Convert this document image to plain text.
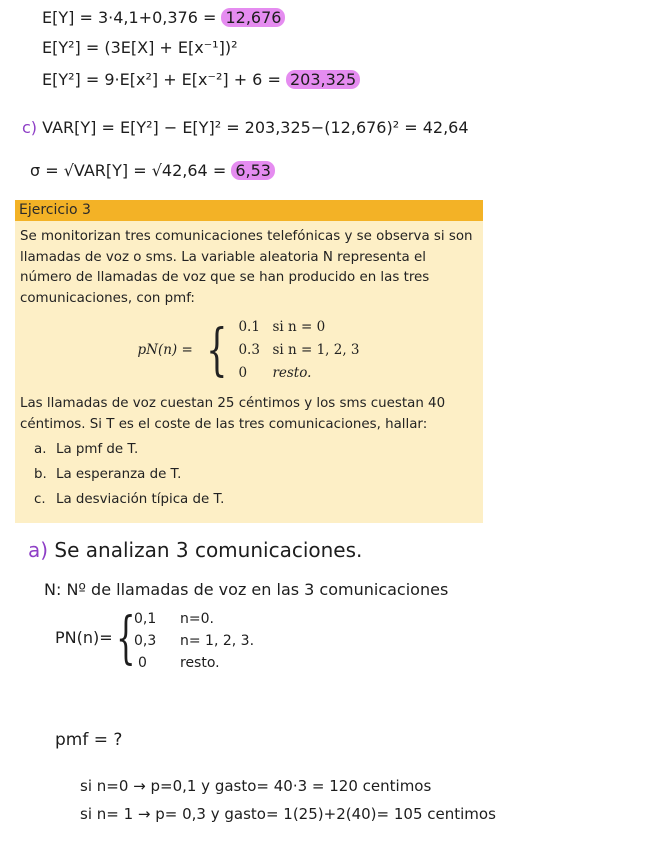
E[Y] = 3·4,1+0,376 = 12,676
E[Y²] = (3E[X] + E[x⁻¹])²
E[Y²] = 9·E[x²] + E[x⁻²] + 6 = 203,325
c) VAR[Y] = E[Y²] − E[Y]² = 203,325−(12,676)² = 42,64
σ = √VAR[Y] = √42,64 = 6,53
Ejercicio 3

Se monitorizan tres comunicaciones telefónicas y se observa si son

llamadas de voz o sms. La variable aleatoria N representa el

número de llamadas de voz que se han producido en las tres

comunicaciones, con pmf:

pN(n) = { 0.1 si n = 0
0.3 si n = 1, 2, 3
0	resto.

Las llamadas de voz cuestan 25 céntimos y los sms cuestan 40

céntimos. Si T es el coste de las tres comunicaciones, hallar:

a. La pmf de T.
b. La esperanza de T.
c. La desviación típica de T.
a) Se analizan 3 comunicaciones.
N: Nº de llamadas de voz en las 3 comunicaciones
PN(n)= {
0,1 n=0.
0,3 n= 1, 2, 3.
0 resto.
pmf = ?
si n=0 → p=0,1 y gasto= 40·3 = 120 centimos
si n= 1 → p= 0,3 y gasto= 1(25)+2(40)= 105 centimos
